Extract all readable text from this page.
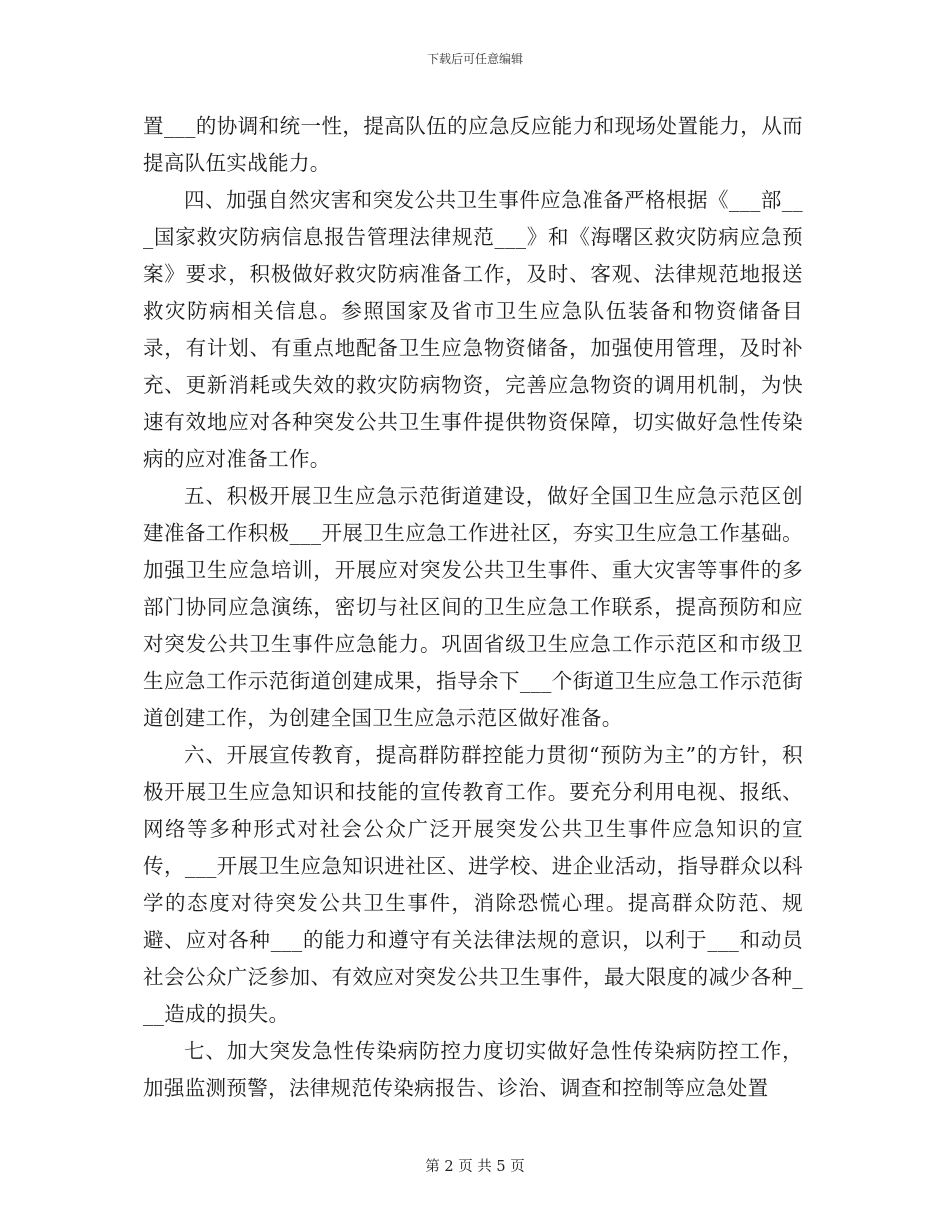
下载后可任意编辑

置___的协调和统一性，提高队伍的应急反应能力和现场处置能力，从而提高队伍实战能力。

四、加强自然灾害和突发公共卫生事件应急准备严格根据《___部___国家救灾防病信息报告管理法律规范___》和《海曙区救灾防病应急预案》要求，积极做好救灾防病准备工作，及时、客观、法律规范地报送救灾防病相关信息。参照国家及省市卫生应急队伍装备和物资储备目录，有计划、有重点地配备卫生应急物资储备，加强使用管理，及时补充、更新消耗或失效的救灾防病物资，完善应急物资的调用机制，为快速有效地应对各种突发公共卫生事件提供物资保障，切实做好急性传染病的应对准备工作。

五、积极开展卫生应急示范街道建设，做好全国卫生应急示范区创建准备工作积极___开展卫生应急工作进社区，夯实卫生应急工作基础。加强卫生应急培训，开展应对突发公共卫生事件、重大灾害等事件的多部门协同应急演练，密切与社区间的卫生应急工作联系，提高预防和应对突发公共卫生事件应急能力。巩固省级卫生应急工作示范区和市级卫生应急工作示范街道创建成果，指导余下___个街道卫生应急工作示范街道创建工作，为创建全国卫生应急示范区做好准备。

六、开展宣传教育，提高群防群控能力贯彻“预防为主”的方针，积极开展卫生应急知识和技能的宣传教育工作。要充分利用电视、报纸、网络等多种形式对社会公众广泛开展突发公共卫生事件应急知识的宣传，___开展卫生应急知识进社区、进学校、进企业活动，指导群众以科学的态度对待突发公共卫生事件，消除恐慌心理。提高群众防范、规避、应对各种___的能力和遵守有关法律法规的意识，以利于___和动员社会公众广泛参加、有效应对突发公共卫生事件，最大限度的减少各种___造成的损失。

七、加大突发急性传染病防控力度切实做好急性传染病防控工作，加强监测预警，法律规范传染病报告、诊治、调查和控制等应急处置

第 2 页 共 5 页
